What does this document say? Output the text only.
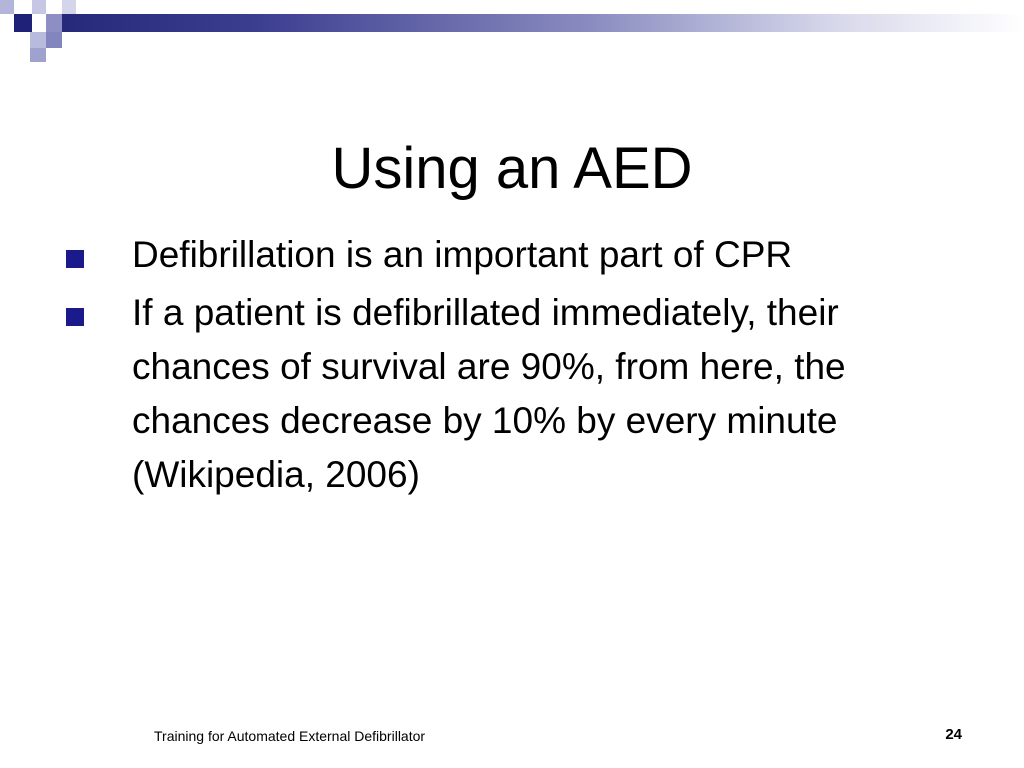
Using an AED
Defibrillation is an important part of CPR
If a patient is defibrillated immediately, their chances of survival are 90%, from here, the chances decrease by 10% by every minute (Wikipedia, 2006)
Training for Automated External Defibrillator	24
